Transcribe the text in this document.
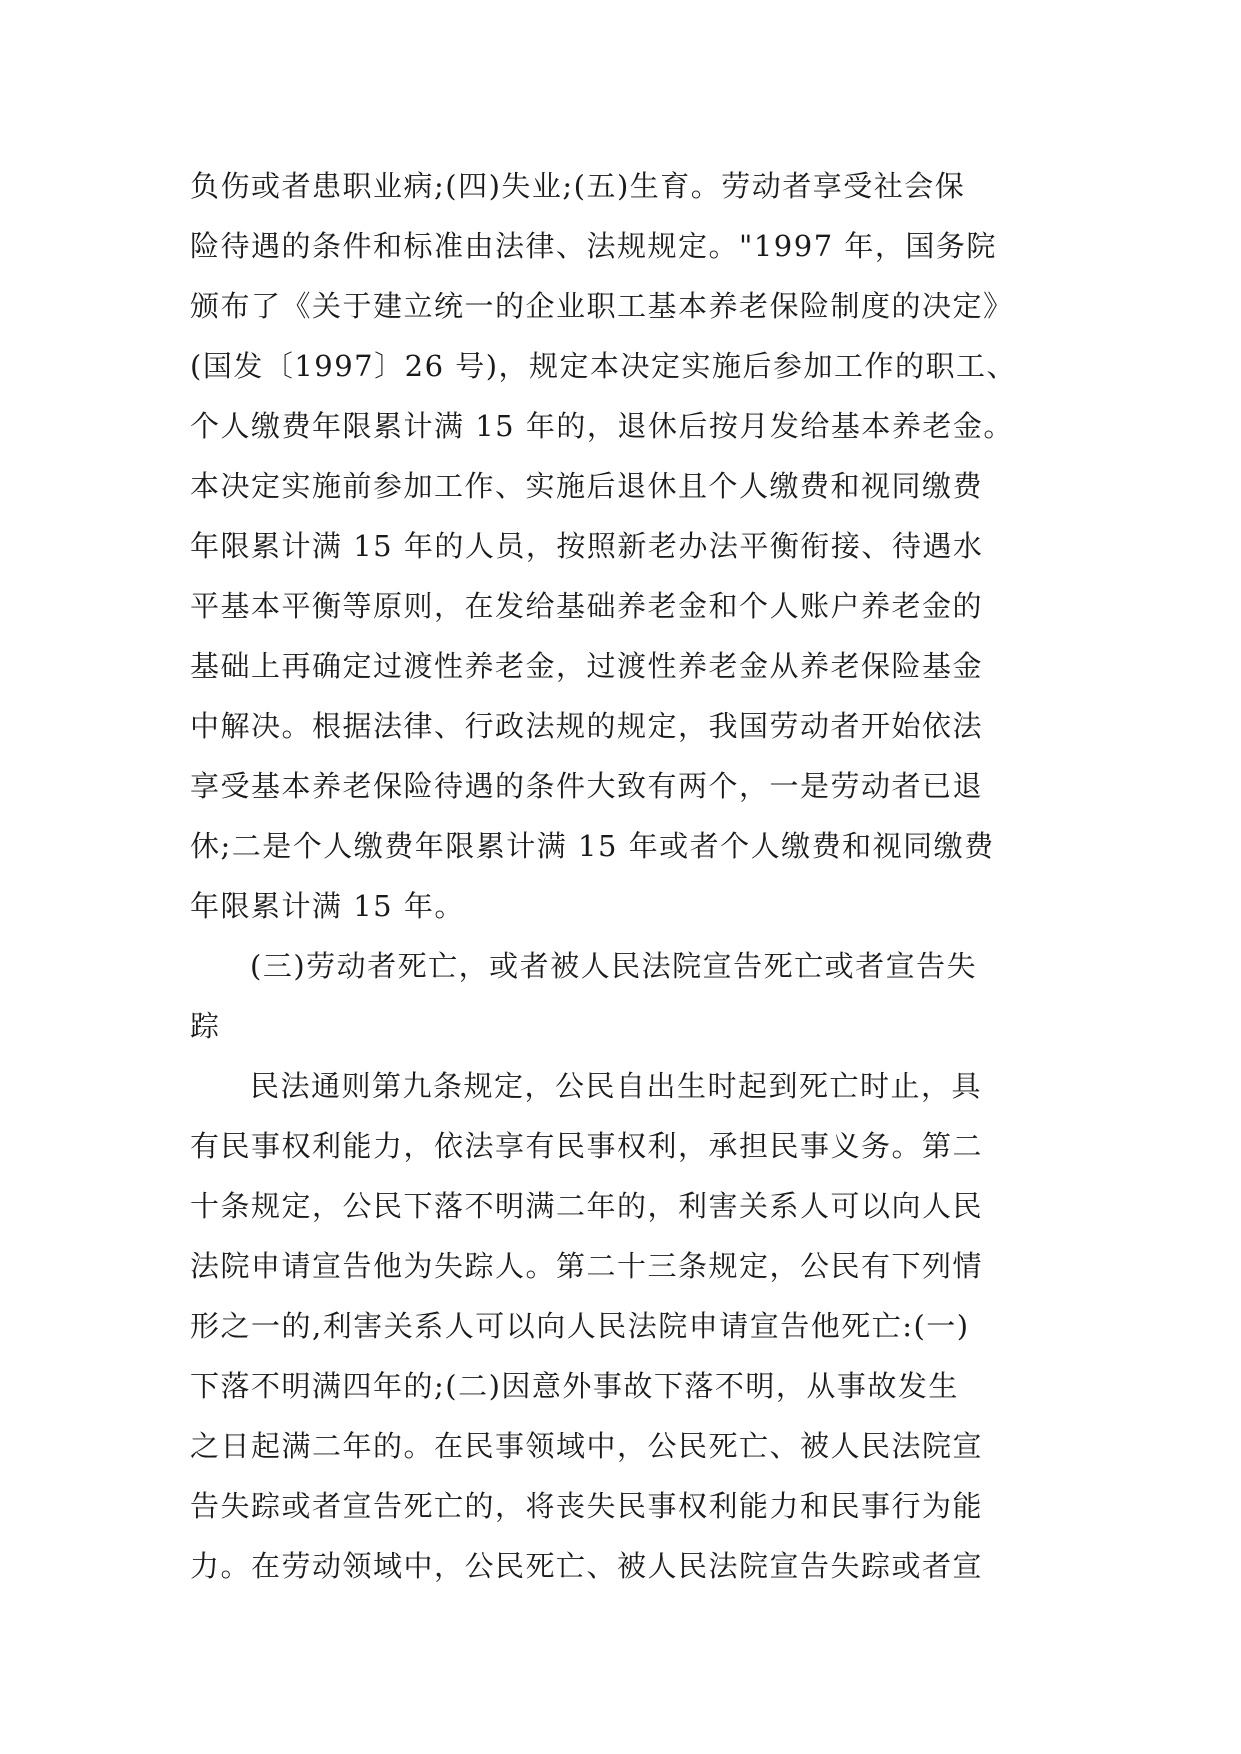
负伤或者患职业病;(四)失业;(五)生育。劳动者享受社会保
险待遇的条件和标准由法律、法规规定。"1997 年，国务院
颁布了《关于建立统一的企业职工基本养老保险制度的决定》
(国发〔1997〕26 号)，规定本决定实施后参加工作的职工、
个人缴费年限累计满 15 年的，退休后按月发给基本养老金。
本决定实施前参加工作、实施后退休且个人缴费和视同缴费
年限累计满 15 年的人员，按照新老办法平衡衔接、待遇水
平基本平衡等原则，在发给基础养老金和个人账户养老金的
基础上再确定过渡性养老金，过渡性养老金从养老保险基金
中解决。根据法律、行政法规的规定，我国劳动者开始依法
享受基本养老保险待遇的条件大致有两个，一是劳动者已退
休;二是个人缴费年限累计满 15 年或者个人缴费和视同缴费
年限累计满 15 年。
(三)劳动者死亡，或者被人民法院宣告死亡或者宣告失
踪
民法通则第九条规定，公民自出生时起到死亡时止，具
有民事权利能力，依法享有民事权利，承担民事义务。第二
十条规定，公民下落不明满二年的，利害关系人可以向人民
法院申请宣告他为失踪人。第二十三条规定，公民有下列情
形之一的,利害关系人可以向人民法院申请宣告他死亡:(一)
下落不明满四年的;(二)因意外事故下落不明，从事故发生
之日起满二年的。在民事领域中，公民死亡、被人民法院宣
告失踪或者宣告死亡的，将丧失民事权利能力和民事行为能
力。在劳动领域中，公民死亡、被人民法院宣告失踪或者宣
